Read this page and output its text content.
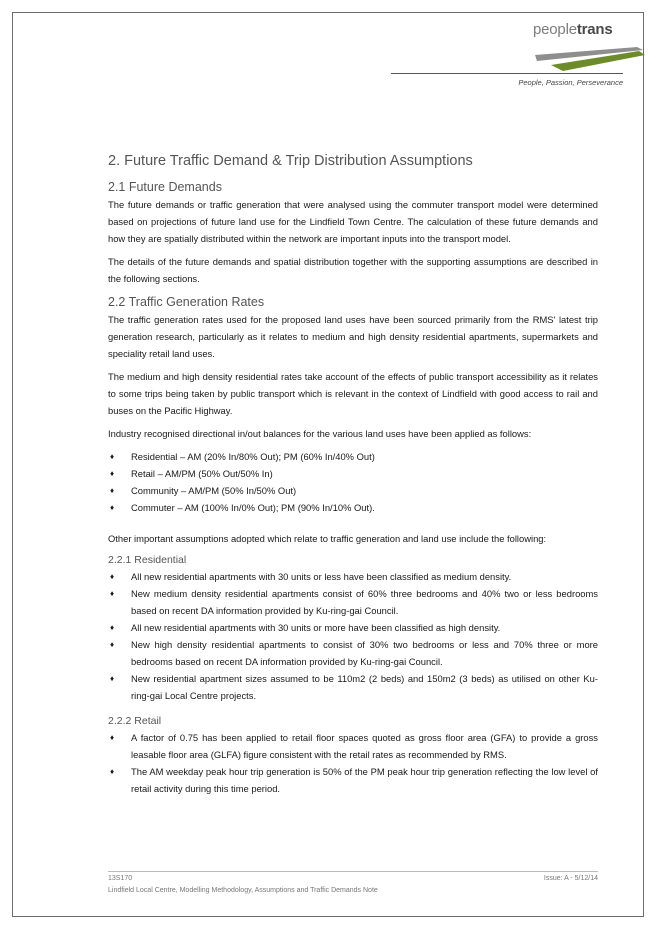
peopletrans
People, Passion, Perseverance
2. Future Traffic Demand & Trip Distribution Assumptions
2.1 Future Demands

The future demands or traffic generation that were analysed using the commuter transport model were determined based on projections of future land use for the Lindfield Town Centre. The calculation of these future demands and how they are spatially distributed within the network are important inputs into the transport model.

The details of the future demands and spatial distribution together with the supporting assumptions are described in the following sections.

2.2 Traffic Generation Rates

The traffic generation rates used for the proposed land uses have been sourced primarily from the RMS' latest trip generation research, particularly as it relates to medium and high density residential apartments, supermarkets and speciality retail land uses.

The medium and high density residential rates take account of the effects of public transport accessibility as it relates to some trips being taken by public transport which is relevant in the context of Lindfield with good access to rail and buses on the Pacific Highway.

Industry recognised directional in/out balances for the various land uses have been applied as follows:

♦ Residential – AM (20% In/80% Out); PM (60% In/40% Out)
♦ Retail – AM/PM (50% Out/50% In)
♦ Community – AM/PM (50% In/50% Out)
♦ Commuter – AM (100% In/0% Out); PM (90% In/10% Out).

Other important assumptions adopted which relate to traffic generation and land use include the following:

2.2.1 Residential
♦ All new residential apartments with 30 units or less have been classified as medium density.
♦ New medium density residential apartments consist of 60% three bedrooms and 40% two or less bedrooms based on recent DA information provided by Ku-ring-gai Council.
♦ All new residential apartments with 30 units or more have been classified as high density.
♦ New high density residential apartments to consist of 30% two bedrooms or less and 70% three or more bedrooms based on recent DA information provided by Ku-ring-gai Council.
♦ New residential apartment sizes assumed to be 110m2 (2 beds) and 150m2 (3 beds) as utilised on other Ku-ring-gai Local Centre projects.
2.2.2 Retail
♦ A factor of 0.75 has been applied to retail floor spaces quoted as gross floor area (GFA) to provide a gross leasable floor area (GLFA) figure consistent with the retail rates as recommended by RMS.
♦ The AM weekday peak hour trip generation is 50% of the PM peak hour trip generation reflecting the low level of retail activity during this time period.
13S170
Lindfield Local Centre, Modelling Methodology, Assumptions and Traffic Demands Note
Issue: A - 5/12/14
